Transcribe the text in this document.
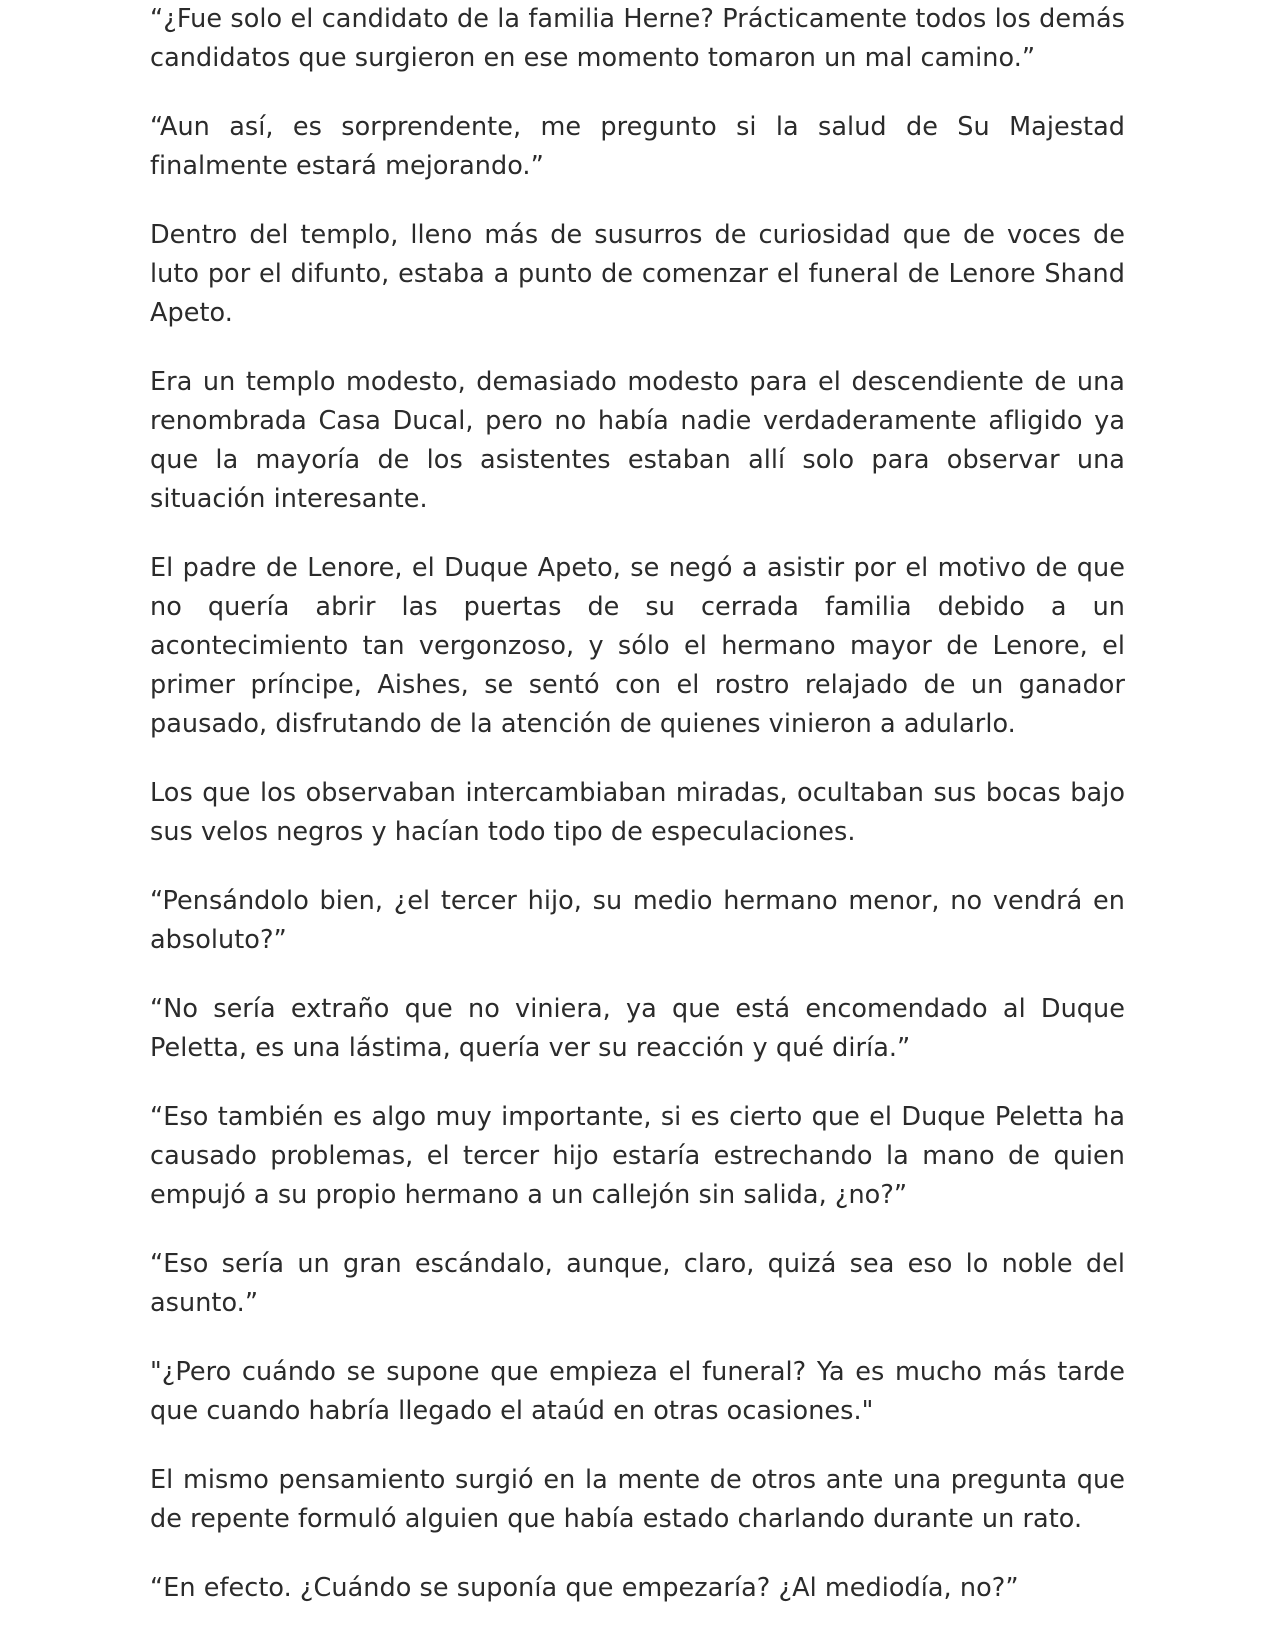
“¿Fue solo el candidato de la familia Herne? Prácticamente todos los demás candidatos que surgieron en ese momento tomaron un mal camino.”

“Aun así, es sorprendente, me pregunto si la salud de Su Majestad finalmente estará mejorando.”

Dentro del templo, lleno más de susurros de curiosidad que de voces de luto por el difunto, estaba a punto de comenzar el funeral de Lenore Shand Apeto.

Era un templo modesto, demasiado modesto para el descendiente de una renombrada Casa Ducal, pero no había nadie verdaderamente afligido ya que la mayoría de los asistentes estaban allí solo para observar una situación interesante.

El padre de Lenore, el Duque Apeto, se negó a asistir por el motivo de que no quería abrir las puertas de su cerrada familia debido a un acontecimiento tan vergonzoso, y sólo el hermano mayor de Lenore, el primer príncipe, Aishes, se sentó con el rostro relajado de un ganador pausado, disfrutando de la atención de quienes vinieron a adularlo.

Los que los observaban intercambiaban miradas, ocultaban sus bocas bajo sus velos negros y hacían todo tipo de especulaciones.

“Pensándolo bien, ¿el tercer hijo, su medio hermano menor, no vendrá en absoluto?”

“No sería extraño que no viniera, ya que está encomendado al Duque Peletta, es una lástima, quería ver su reacción y qué diría.”

“Eso también es algo muy importante, si es cierto que el Duque Peletta ha causado problemas, el tercer hijo estaría estrechando la mano de quien empujó a su propio hermano a un callejón sin salida, ¿no?”

“Eso sería un gran escándalo, aunque, claro, quizá sea eso lo noble del asunto.”

"¿Pero cuándo se supone que empieza el funeral? Ya es mucho más tarde que cuando habría llegado el ataúd en otras ocasiones."

El mismo pensamiento surgió en la mente de otros ante una pregunta que de repente formuló alguien que había estado charlando durante un rato.

“En efecto. ¿Cuándo se suponía que empezaría? ¿Al mediodía, no?”
